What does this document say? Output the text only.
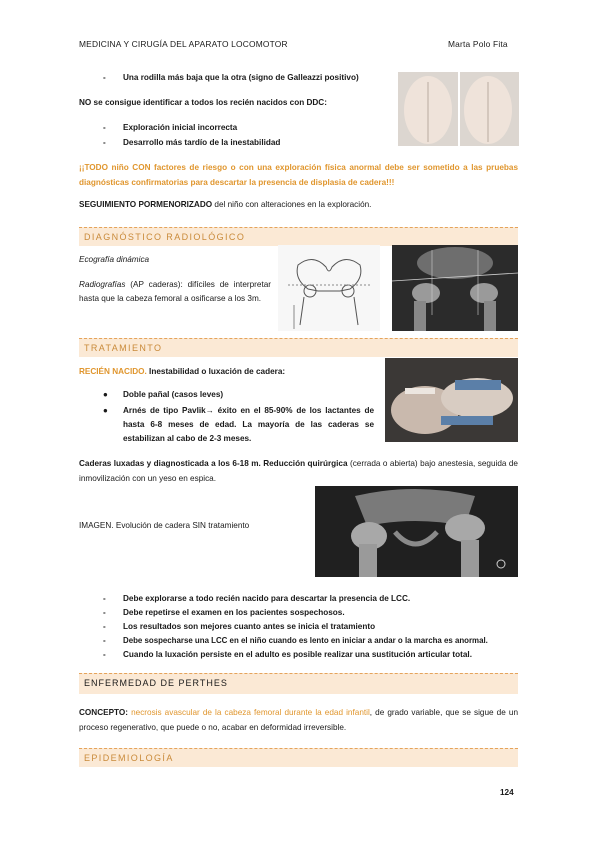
MEDICINA Y CIRUGÍA DEL APARATO LOCOMOTOR	Marta Polo Fita
- Una rodilla más baja que la otra (signo de Galleazzi positivo)
NO se consigue identificar a todos los recién nacidos con DDC:
- Exploración inicial incorrecta
- Desarrollo más tardío de la inestabilidad
¡¡TODO niño CON factores de riesgo o con una exploración física anormal debe ser sometido a las pruebas diagnósticas confirmatorias para descartar la presencia de displasia de cadera!!!
SEGUIMIENTO PORMENORIZADO del niño con alteraciones en la exploración.
DIAGNÓSTICO RADIOLÓGICO
Ecografía dinámica
Radiografías (AP caderas): difíciles de interpretar hasta que la cabeza femoral a osificarse a los 3m.
TRATAMIENTO
RECIÉN NACIDO. Inestabilidad o luxación de cadera:
● Doble pañal (casos leves)
● Arnés de tipo Pavlik→ éxito en el 85-90% de los lactantes de hasta 6-8 meses de edad. La mayoría de las caderas se estabilizan al cabo de 2-3 meses.
Caderas luxadas y diagnosticada a los 6-18 m. Reducción quirúrgica (cerrada o abierta) bajo anestesia, seguida de inmovilización con un yeso en espica.
IMAGEN. Evolución de cadera SIN tratamiento
- Debe explorarse a todo recién nacido para descartar la presencia de LCC.
- Debe repetirse el examen en los pacientes sospechosos.
- Los resultados son mejores cuanto antes se inicia el tratamiento
- Debe sospecharse una LCC en el niño cuando es lento en iniciar a andar o la marcha es anormal.
- Cuando la luxación persiste en el adulto es posible realizar una sustitución articular total.
ENFERMEDAD DE PERTHES
CONCEPTO: necrosis avascular de la cabeza femoral durante la edad infantil, de grado variable, que se sigue de un proceso regenerativo, que puede o no, acabar en deformidad irreversible.
EPIDEMIOLOGÍA
124
